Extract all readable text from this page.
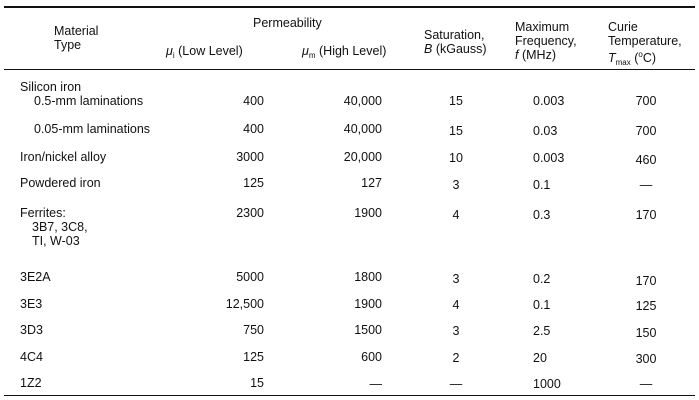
Material
Type
Permeability
$\mu_i$ (Low Level)	$\mu_m$ (High Level)
Saturation,
B (kGauss)
Maximum
Frequency,
f (MHz)
Curie
Temperature,
$T_{max}$ ($^o$C)
Silicon iron
0.5-mm laminations	400	40,000	15	0.003	700
0.05-mm laminations	400	40,000	15	0.03	700
Iron/nickel alloy	3000	20,000	10	0.003	460
Powdered iron	125	127	3	0.1	—
Ferrites:
3B7, 3C8,
TI, W-03
2300	1900	4	0.3	170
3E2A	5000	1800	3	0.2	170
3E3	12,500	1900	4	0.1	125
3D3	750	1500	3	2.5	150
4C4	125	600	2	20	300
1Z2	15	—	—	1000	—
